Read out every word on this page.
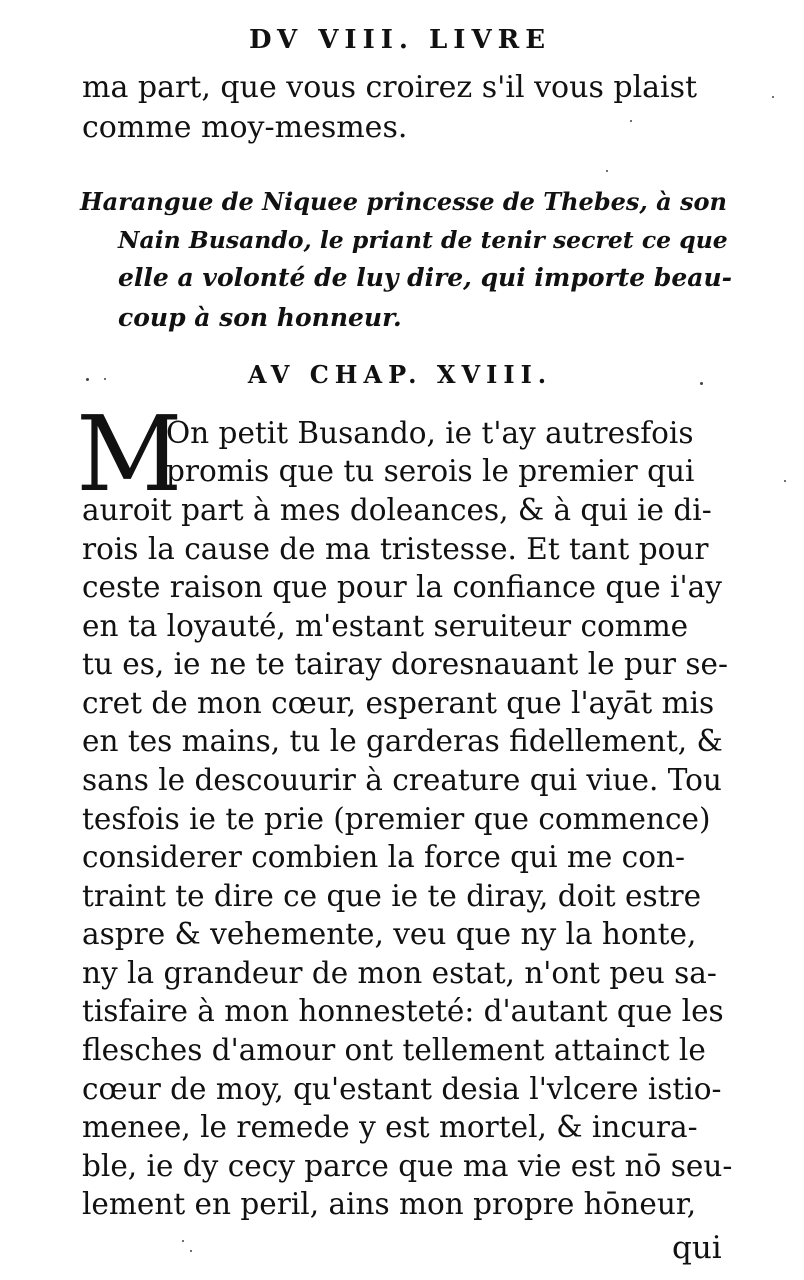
DV VIII. LIVRE
ma part, que vous croirez s'il vous plaist
comme moy-mesmes.
Harangue de Niquee princesse de Thebes, à son
Nain Busando, le priant de tenir secret ce que
elle a volonté de luy dire, qui importe beau-
coup à son honneur.
AV CHAP. XVIII.
M
On petit Busando, ie t'ay autresfois
promis que tu serois le premier qui
auroit part à mes doleances, & à qui ie di-
rois la cause de ma tristesse. Et tant pour
ceste raison que pour la confiance que i'ay
en ta loyauté, m'estant seruiteur comme
tu es, ie ne te tairay doresnauant le pur se-
cret de mon cœur, esperant que l'ayāt mis
en tes mains, tu le garderas fidellement, &
sans le descouurir à creature qui viue. Tou
tesfois ie te prie (premier que commence)
considerer combien la force qui me con-
traint te dire ce que ie te diray, doit estre
aspre & vehemente, veu que ny la honte,
ny la grandeur de mon estat, n'ont peu sa-
tisfaire à mon honnesteté: d'autant que les
flesches d'amour ont tellement attainct le
cœur de moy, qu'estant desia l'vlcere istio-
menee, le remede y est mortel, & incura-
ble, ie dy cecy parce que ma vie est nō seu-
lement en peril, ains mon propre hōneur,
qui
